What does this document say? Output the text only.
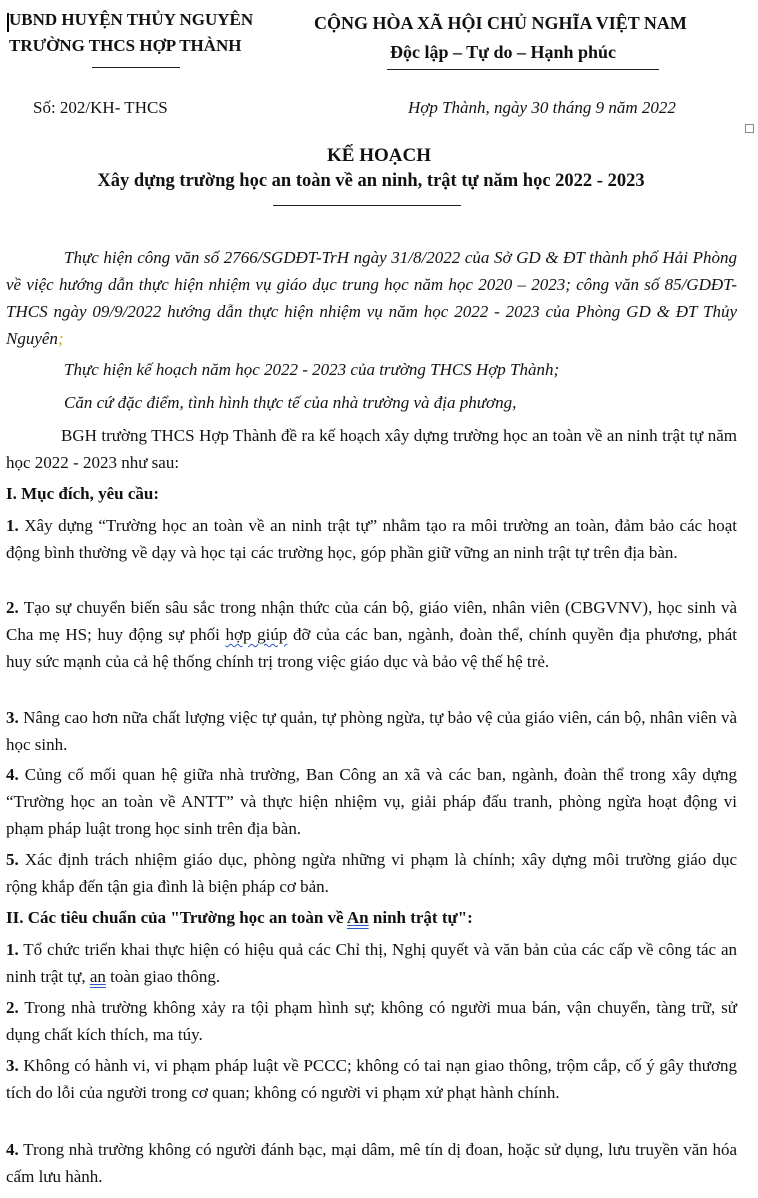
UBND HUYỆN THỦY NGUYÊN
TRƯỜNG THCS HỢP THÀNH
CỘNG HÒA XÃ HỘI CHỦ NGHĨA VIỆT NAM
Độc lập – Tự do – Hạnh phúc
Số: 202/KH- THCS	Hợp Thành, ngày 30 tháng 9 năm 2022
KẾ HOẠCH
Xây dựng trường học an toàn về an ninh, trật tự năm học 2022 - 2023
Thực hiện công văn số 2766/SGDĐT-TrH ngày 31/8/2022 của Sở GD & ĐT thành phố Hải Phòng về việc hướng dẫn thực hiện nhiệm vụ giáo dục trung học năm học 2020 – 2023; công văn số 85/GDĐT-THCS ngày 09/9/2022 hướng dẫn thực hiện nhiệm vụ năm học 2022 - 2023 của Phòng GD & ĐT Thủy Nguyên;
Thực hiện kế hoạch năm học 2022 - 2023 của trường THCS Hợp Thành;
Căn cứ đặc điểm, tình hình thực tế của nhà trường và địa phương,
BGH trường THCS Hợp Thành đề ra kế hoạch xây dựng trường học an toàn về an ninh trật tự năm học 2022 - 2023 như sau:
I. Mục đích, yêu cầu:
1. Xây dựng “Trường học an toàn về an ninh trật tự” nhằm tạo ra môi trường an toàn, đảm bảo các hoạt động bình thường về dạy và học tại các trường học, góp phần giữ vững an ninh trật tự trên địa bàn.
2. Tạo sự chuyển biến sâu sắc trong nhận thức của cán bộ, giáo viên, nhân viên (CBGVNV), học sinh và Cha mẹ HS; huy động sự phối hợp giúp đỡ của các ban, ngành, đoàn thể, chính quyền địa phương, phát huy sức mạnh của cả hệ thống chính trị trong việc giáo dục và bảo vệ thế hệ trẻ.
3. Nâng cao hơn nữa chất lượng việc tự quản, tự phòng ngừa, tự bảo vệ của giáo viên, cán bộ, nhân viên và học sinh.
4. Củng cố mối quan hệ giữa nhà trường, Ban Công an xã và các ban, ngành, đoàn thể trong xây dựng “Trường học an toàn về ANTT” và thực hiện nhiệm vụ, giải pháp đấu tranh, phòng ngừa hoạt động vi phạm pháp luật trong học sinh trên địa bàn.
5. Xác định trách nhiệm giáo dục, phòng ngừa những vi phạm là chính; xây dựng môi trường giáo dục rộng khắp đến tận gia đình là biện pháp cơ bản.
II. Các tiêu chuẩn của "Trường học an toàn về An ninh trật tự":
1. Tổ chức triển khai thực hiện có hiệu quả các Chỉ thị, Nghị quyết và văn bản của các cấp về công tác an ninh trật tự, an toàn giao thông.
2. Trong nhà trường không xảy ra tội phạm hình sự; không có người mua bán, vận chuyển, tàng trữ, sử dụng chất kích thích, ma túy.
3. Không có hành vi, vi phạm pháp luật về PCCC; không có tai nạn giao thông, trộm cắp, cố ý gây thương tích do lỗi của người trong cơ quan; không có người vi phạm xử phạt hành chính.
4. Trong nhà trường không có người đánh bạc, mại dâm, mê tín dị đoan, hoặc sử dụng, lưu truyền văn hóa cấm lưu hành.
